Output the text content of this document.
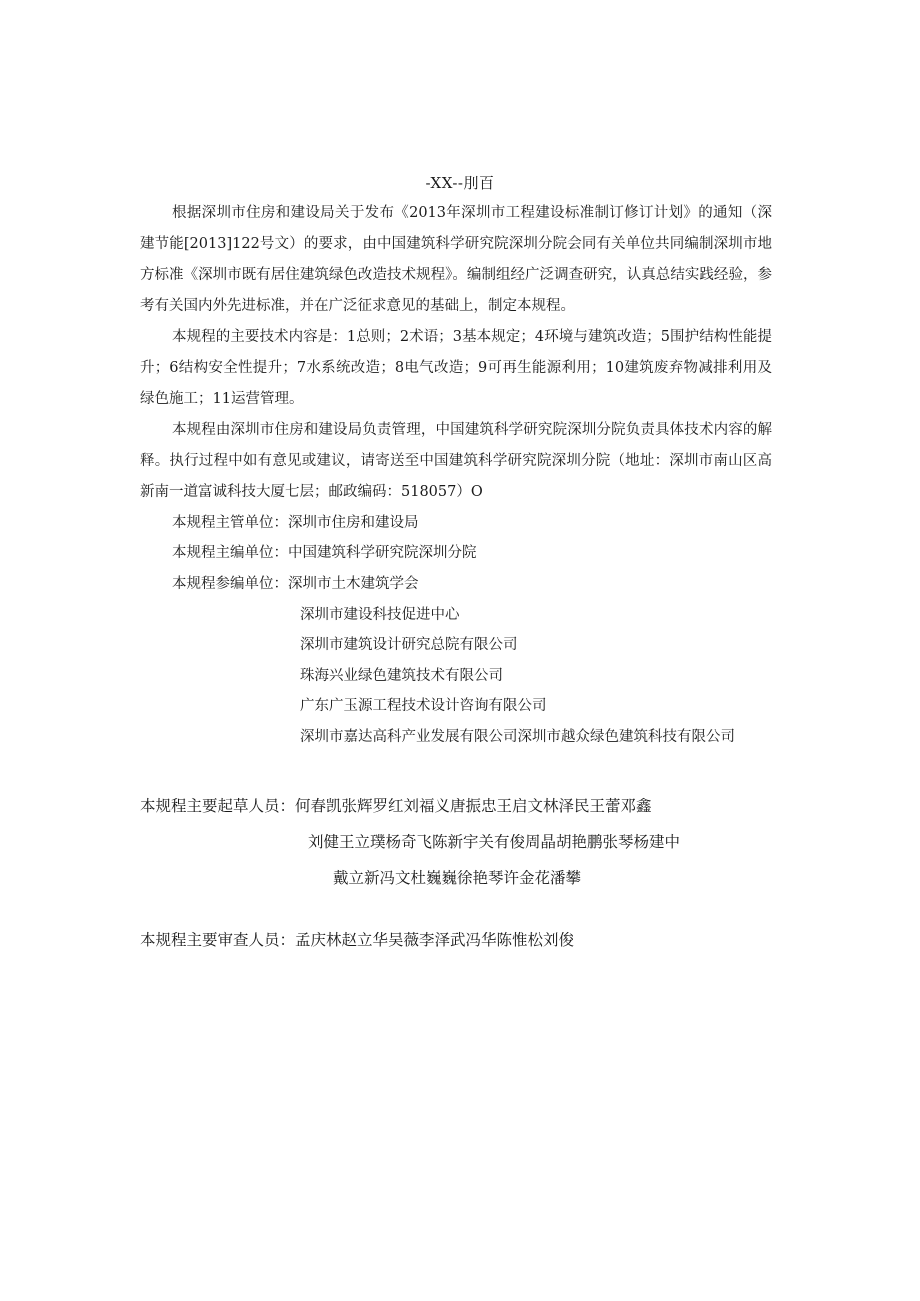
-XX--刖百

根据深圳市住房和建设局关于发布《2013年深圳市工程建设标准制订修订计划》的通知（深建节能[2013]122号文）的要求，由中国建筑科学研究院深圳分院会同有关单位共同编制深圳市地方标准《深圳市既有居住建筑绿色改造技术规程》。编制组经广泛调查研究，认真总结实践经验，参考有关国内外先进标准，并在广泛征求意见的基础上，制定本规程。

本规程的主要技术内容是：1总则；2术语；3基本规定；4环境与建筑改造；5围护结构性能提升；6结构安全性提升；7水系统改造；8电气改造；9可再生能源利用；10建筑废弃物减排利用及绿色施工；11运营管理。

本规程由深圳市住房和建设局负责管理，中国建筑科学研究院深圳分院负责具体技术内容的解释。执行过程中如有意见或建议，请寄送至中国建筑科学研究院深圳分院（地址：深圳市南山区高新南一道富诚科技大厦七层；邮政编码：518057）O

本规程主管单位：深圳市住房和建设局
本规程主编单位：中国建筑科学研究院深圳分院
本规程参编单位：深圳市土木建筑学会
深圳市建设科技促进中心
深圳市建筑设计研究总院有限公司
珠海兴业绿色建筑技术有限公司
广东广玉源工程技术设计咨询有限公司
深圳市嘉达高科产业发展有限公司深圳市越众绿色建筑科技有限公司
本规程主要起草人员：何春凯张辉罗红刘福义唐振忠王启文林泽民王蕾邓鑫
刘健王立璞杨奇飞陈新宇关有俊周晶胡艳鹏张琴杨建中
戴立新冯文杜巍巍徐艳琴许金花潘攀
本规程主要审查人员：孟庆林赵立华吴薇李泽武冯华陈惟松刘俊
